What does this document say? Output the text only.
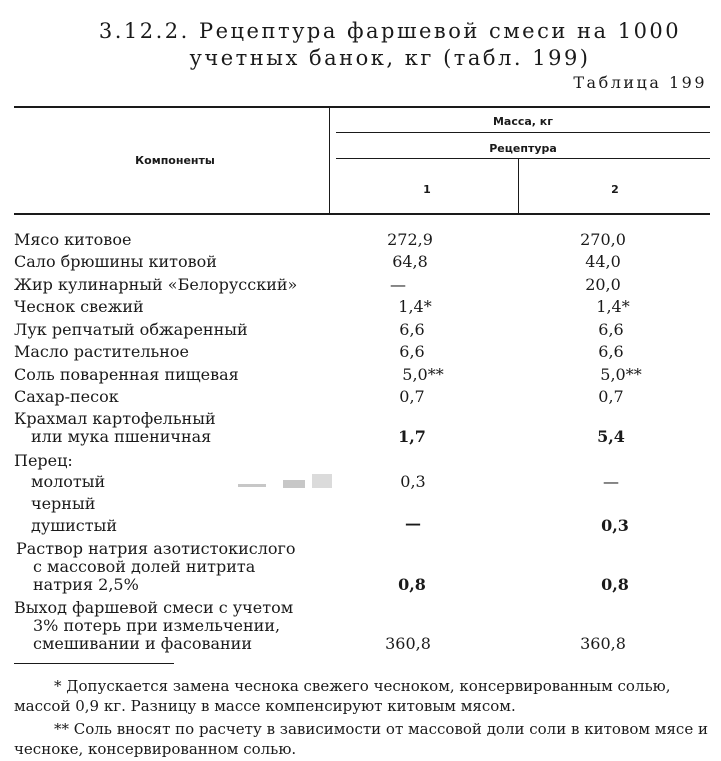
3.12.2. Рецептура фаршевой смеси на 1000
учетных банок, кг (табл. 199)
Таблица 199
Компоненты
Масса, кг
Рецептура
1	2
Мясо китовое	272,9	270,0
Сало брюшины китовой	64,8	44,0
Жир кулинарный «Белорусский»	—	20,0
Чеснок свежий	1,4*	1,4*
Лук репчатый обжаренный	6,6	6,6
Масло растительное	6,6	6,6
Соль поваренная пищевая	5,0**	5,0**
Сахар-песок	0,7	0,7
Крахмал картофельный
или мука пшеничная	1,7	5,4
Перец:
молотый	0,3	—
черный
душистый	—	0,3
Раствор натрия азотистокислого
с массовой долей нитрита
натрия 2,5%	0,8	0,8
Выход фаршевой смеси с учетом
3% потерь при измельчении,
смешивании и фасовании	360,8	360,8
* Допускается замена чеснока свежего чесноком, консервированным солью, массой 0,9 кг. Разницу в массе компенсируют китовым мясом.
** Соль вносят по расчету в зависимости от массовой доли соли в китовом мясе и чесноке, консервированном солью.
